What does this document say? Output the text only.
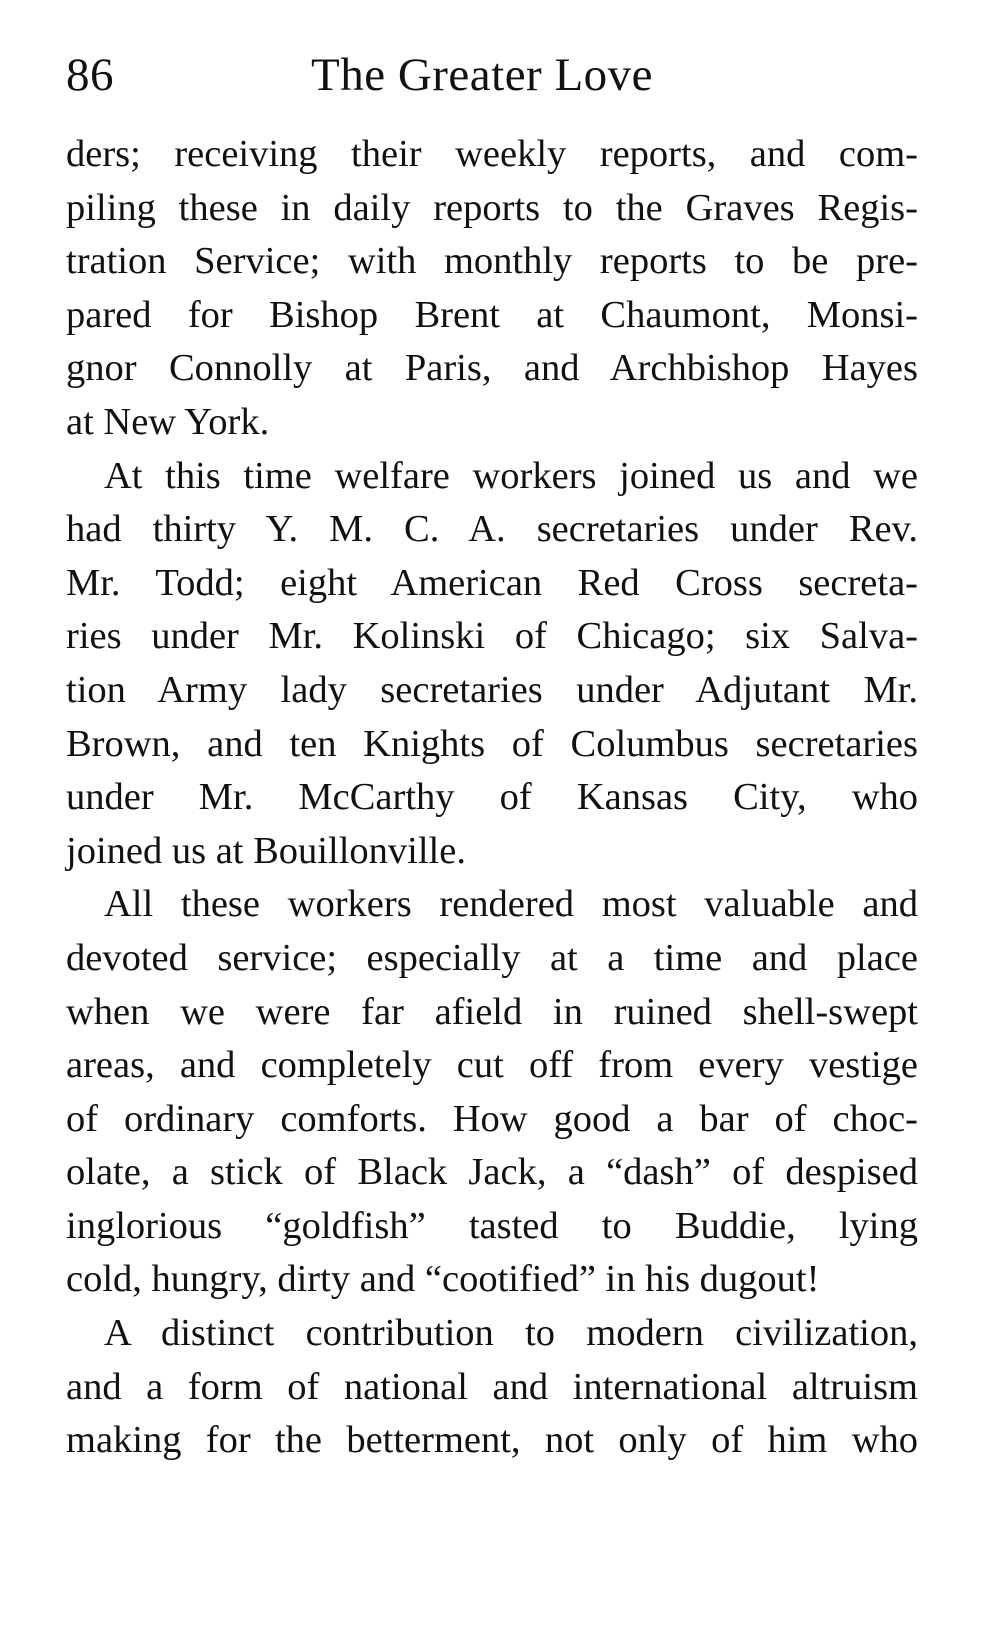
86	The Greater Love

ders; receiving their weekly reports, and com-
piling these in daily reports to the Graves Regis-
tration Service; with monthly reports to be pre-
pared for Bishop Brent at Chaumont, Monsi-
gnor Connolly at Paris, and Archbishop Hayes
at New York.

At this time welfare workers joined us and we
had thirty Y. M. C. A. secretaries under Rev.
Mr. Todd; eight American Red Cross secreta-
ries under Mr. Kolinski of Chicago; six Salva-
tion Army lady secretaries under Adjutant Mr.
Brown, and ten Knights of Columbus secretaries
under Mr. McCarthy of Kansas City, who
joined us at Bouillonville.

All these workers rendered most valuable and
devoted service; especially at a time and place
when we were far afield in ruined shell-swept
areas, and completely cut off from every vestige
of ordinary comforts. How good a bar of choc-
olate, a stick of Black Jack, a “dash” of despised
inglorious “goldfish” tasted to Buddie, lying
cold, hungry, dirty and “cootified” in his dugout!

A distinct contribution to modern civilization,
and a form of national and international altruism
making for the betterment, not only of him who
